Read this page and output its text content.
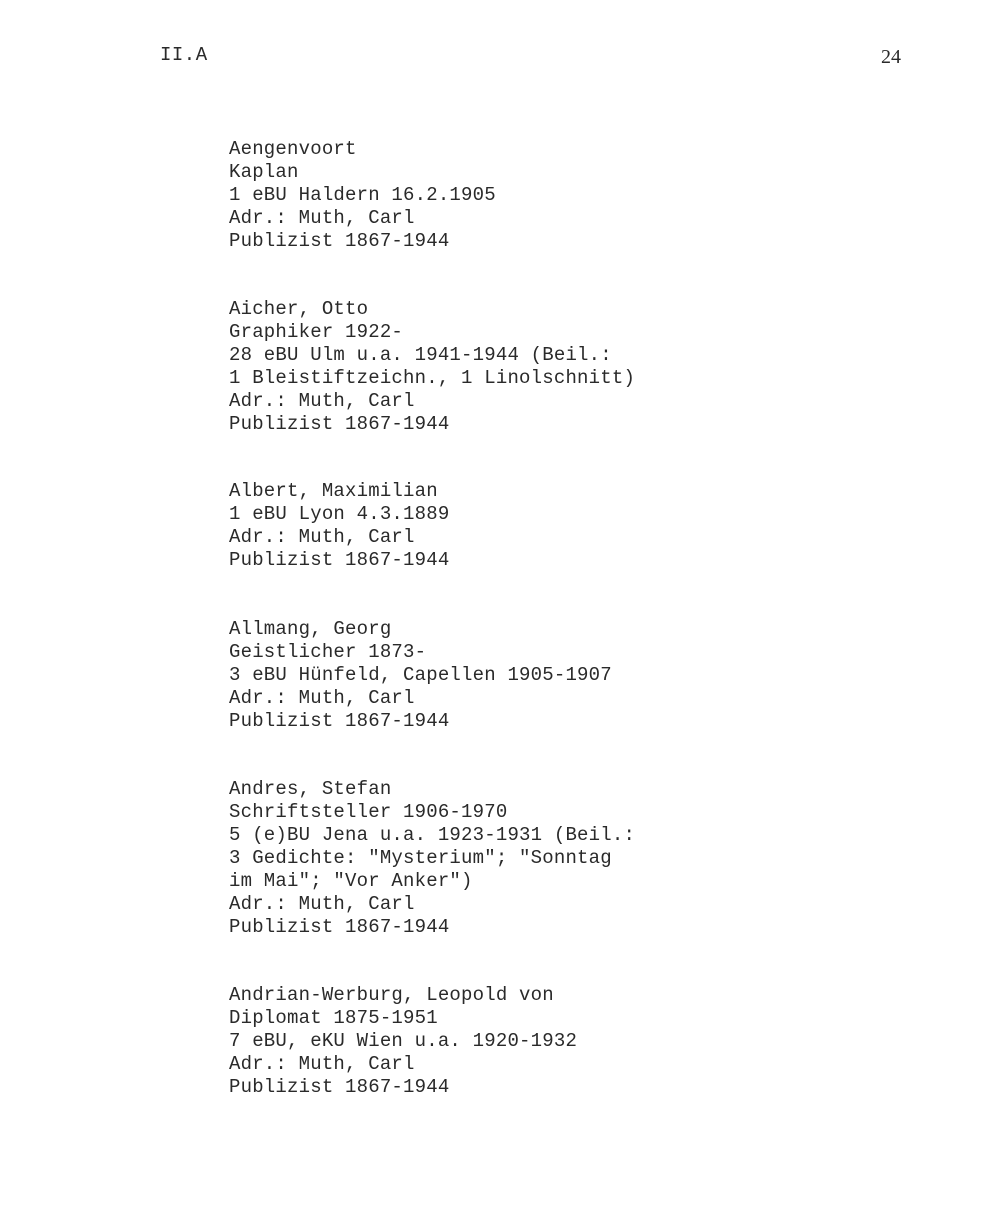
II.A	24
Aengenvoort
Kaplan
1 eBU Haldern 16.2.1905
Adr.: Muth, Carl
Publizist 1867-1944
Aicher, Otto
Graphiker 1922-
28 eBU Ulm u.a. 1941-1944 (Beil.:
1 Bleistiftzeichn., 1 Linolschnitt)
Adr.: Muth, Carl
Publizist 1867-1944
Albert, Maximilian
1 eBU Lyon 4.3.1889
Adr.: Muth, Carl
Publizist 1867-1944
Allmang, Georg
Geistlicher 1873-
3 eBU Hünfeld, Capellen 1905-1907
Adr.: Muth, Carl
Publizist 1867-1944
Andres, Stefan
Schriftsteller 1906-1970
5 (e)BU Jena u.a. 1923-1931 (Beil.:
3 Gedichte: "Mysterium"; "Sonntag
im Mai"; "Vor Anker")
Adr.: Muth, Carl
Publizist 1867-1944
Andrian-Werburg, Leopold von
Diplomat 1875-1951
7 eBU, eKU Wien u.a. 1920-1932
Adr.: Muth, Carl
Publizist 1867-1944
